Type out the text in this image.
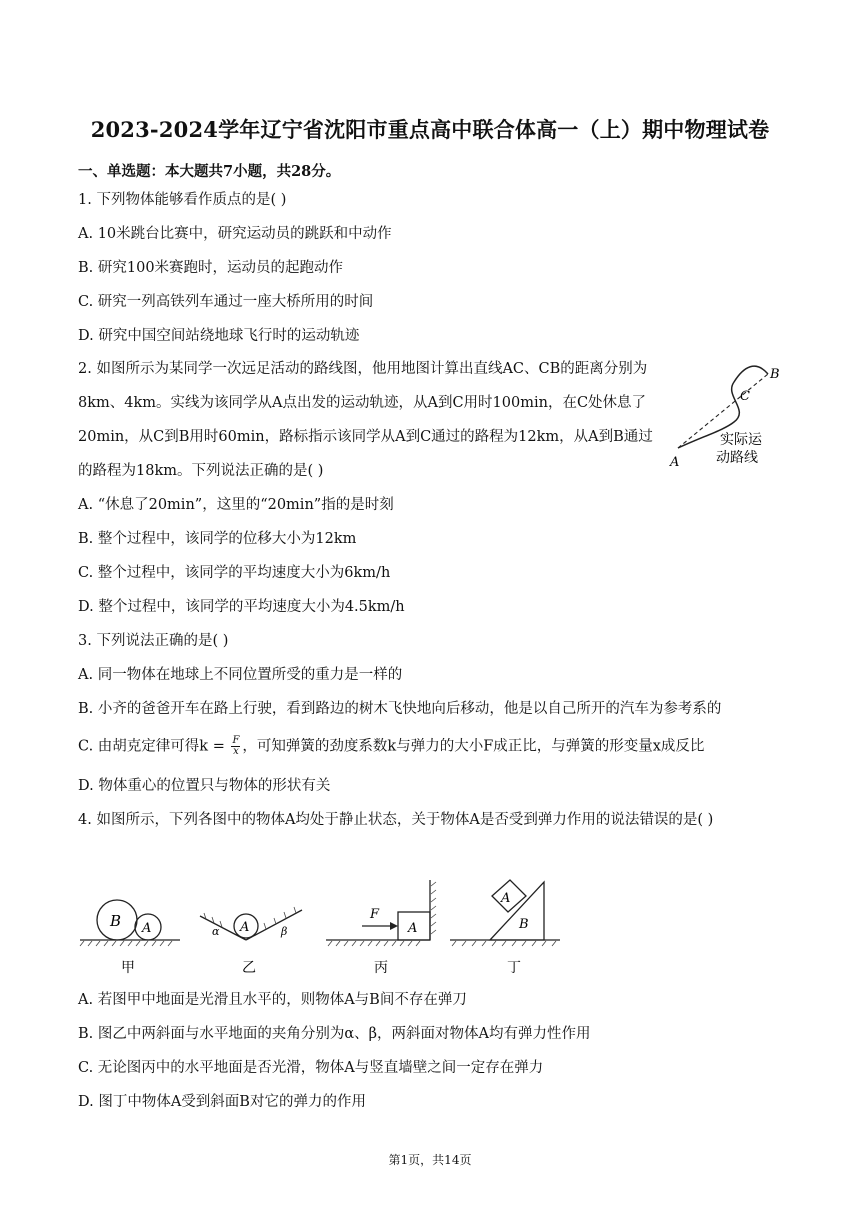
2023-2024学年辽宁省沈阳市重点高中联合体高一（上）期中物理试卷
一、单选题：本大题共7小题，共28分。
1. 下列物体能够看作质点的是( )
A. 10米跳台比赛中，研究运动员的跳跃和中动作
B. 研究100米赛跑时，运动员的起跑动作
C. 研究一列高铁列车通过一座大桥所用的时间
D. 研究中国空间站绕地球飞行时的运动轨迹
2. 如图所示为某同学一次远足活动的路线图，他用地图计算出直线AC、CB的距离分别为
8km、4km。实线为该同学从A点出发的运动轨迹，从A到C用时100min，在C处休息了
20min，从C到B用时60min，路标指示该同学从A到C通过的路程为12km，从A到B通过
的路程为18km。下列说法正确的是( )
A. “休息了20min”，这里的“20min”指的是时刻
B. 整个过程中，该同学的位移大小为12km
C. 整个过程中，该同学的平均速度大小为6km/h
D. 整个过程中，该同学的平均速度大小为4.5km/h
A
B
C
实际运
动路线
3. 下列说法正确的是( )
A. 同一物体在地球上不同位置所受的重力是一样的
B. 小齐的爸爸开车在路上行驶，看到路边的树木飞快地向后移动，他是以自己所开的汽车为参考系的
C. 由胡克定律可得$k = \frac{F}{x}$ ，可知弹簧的劲度系数k与弹力的大小F成正比，与弹簧的形变量x成反比
D. 物体重心的位置只与物体的形状有关
4. 如图所示，下列各图中的物体A均处于静止状态，关于物体A是否受到弹力作用的说法错误的是( )
B A
甲
A
α	β
乙
A
F
丙
A
B
丁
A. 若图甲中地面是光滑且水平的，则物体A与B间不存在弹刀
B. 图乙中两斜面与水平地面的夹角分别为α、β，两斜面对物体A均有弹力性作用
C. 无论图丙中的水平地面是否光滑，物体A与竖直墙壁之间一定存在弹力
D. 图丁中物体A受到斜面B对它的弹力的作用
第1页，共14页
